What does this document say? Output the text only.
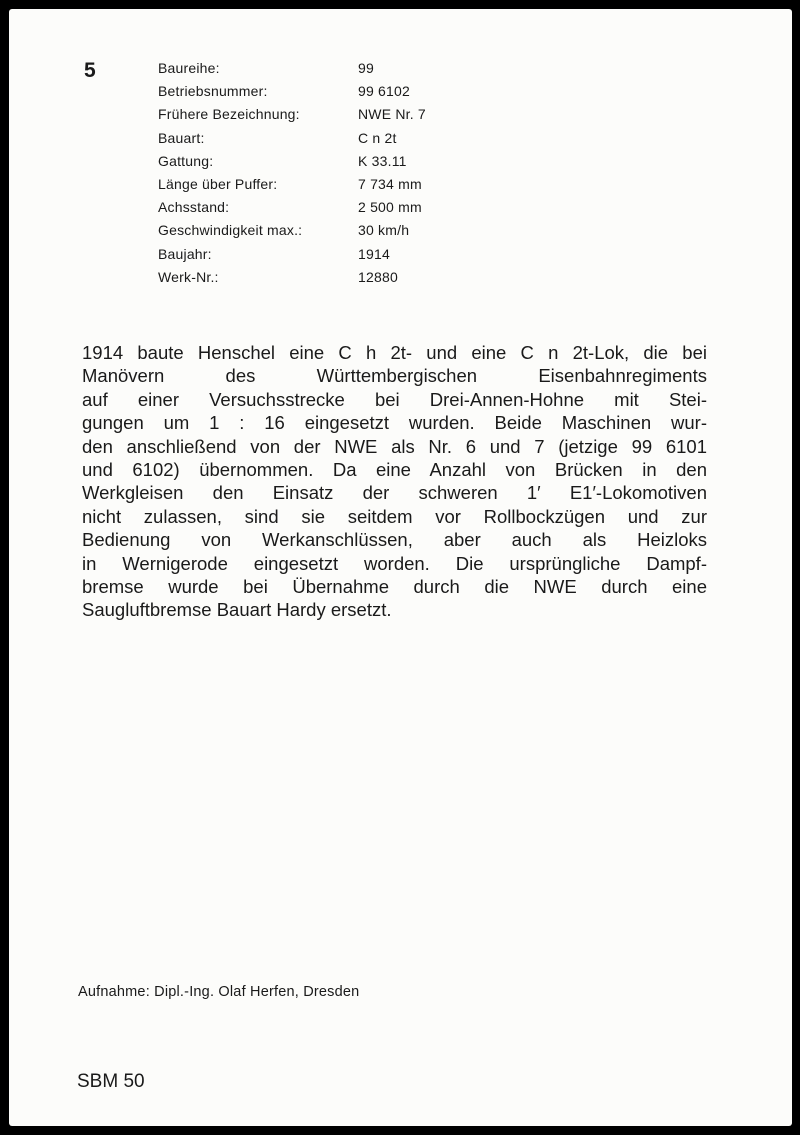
5	Baureihe:	99
Betriebsnummer:	99 6102
Frühere Bezeichnung:	NWE Nr. 7
Bauart:	C n 2t
Gattung:	K 33.11
Länge über Puffer:	7 734 mm
Achsstand:	2 500 mm
Geschwindigkeit max.:	30 km/h
Baujahr:	1914
Werk-Nr.:	12880
1914 baute Henschel eine C h 2t- und eine C n 2t-Lok, die bei
Manövern des Württembergischen Eisenbahnregiments
auf einer Versuchsstrecke bei Drei-Annen-Hohne mit Stei-
gungen um 1 : 16 eingesetzt wurden. Beide Maschinen wur-
den anschließend von der NWE als Nr. 6 und 7 (jetzige 99 6101
und 6102) übernommen. Da eine Anzahl von Brücken in den
Werkgleisen den Einsatz der schweren 1′ E1′-Lokomotiven
nicht zulassen, sind sie seitdem vor Rollbockzügen und zur
Bedienung von Werkanschlüssen, aber auch als Heizloks
in Wernigerode eingesetzt worden. Die ursprüngliche Dampf-
bremse wurde bei Übernahme durch die NWE durch eine
Saugluftbremse Bauart Hardy ersetzt.
Aufnahme: Dipl.-Ing. Olaf Herfen, Dresden
SBM 50
